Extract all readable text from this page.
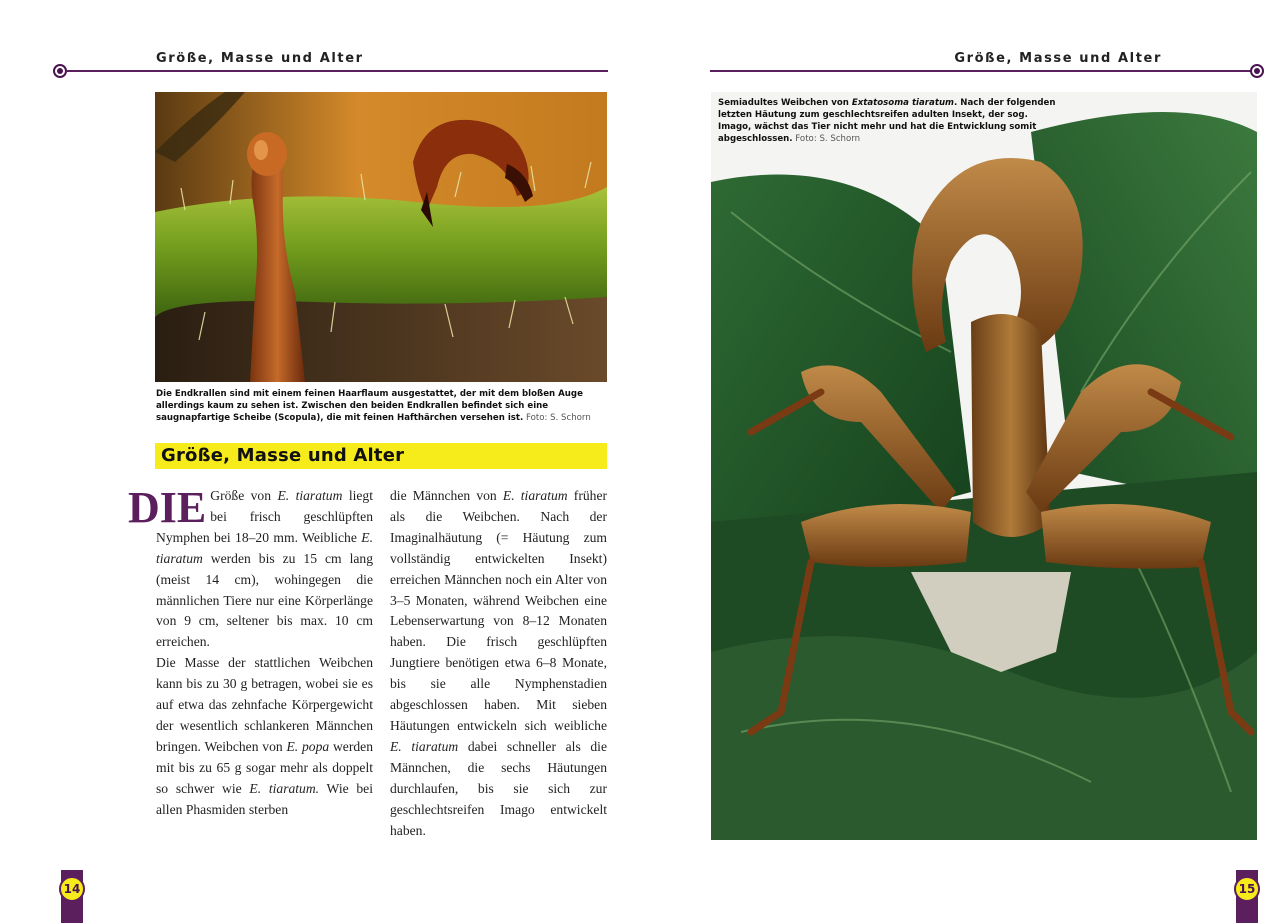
Größe, Masse und Alter
Die Endkrallen sind mit einem feinen Haarflaum ausgestattet, der mit dem bloßen Auge allerdings kaum zu sehen ist. Zwischen den beiden Endkrallen befindet sich eine saugnapfartige Scheibe (Scopula), die mit feinen Hafthärchen versehen ist. Foto: S. Schorn
Größe, Masse und Alter

DIE Größe von E. tiaratum liegt bei frisch geschlüpften Nymphen bei 18–20 mm. Weibliche E. tiaratum werden bis zu 15 cm lang (meist 14 cm), wohingegen die männlichen Tiere nur eine Körperlänge von 9 cm, seltener bis max. 10 cm erreichen.

Die Masse der stattlichen Weibchen kann bis zu 30 g betragen, wobei sie es auf etwa das zehnfache Körpergewicht der wesentlich schlankeren Männchen bringen. Weibchen von E. popa werden mit bis zu 65 g sogar mehr als doppelt so schwer wie E. tiaratum. Wie bei allen Phasmiden sterben

die Männchen von E. tiaratum früher als die Weibchen. Nach der Imaginalhäutung (= Häutung zum vollständig entwickelten Insekt) erreichen Männchen noch ein Alter von 3–5 Monaten, während Weibchen eine Lebenserwartung von 8–12 Monaten haben. Die frisch geschlüpften Jungtiere benötigen etwa 6–8 Monate, bis sie alle Nymphenstadien abgeschlossen haben. Mit sieben Häutungen entwickeln sich weibliche E. tiaratum dabei schneller als die Männchen, die sechs Häutungen durchlaufen, bis sie sich zur geschlechtsreifen Imago entwickelt haben.

14
Größe, Masse und Alter
Semiadultes Weibchen von Extatosoma tiaratum. Nach der folgenden letzten Häutung zum geschlechtsreifen adulten Insekt, der sog. Imago, wächst das Tier nicht mehr und hat die Entwicklung somit abgeschlossen. Foto: S. Schorn
15
